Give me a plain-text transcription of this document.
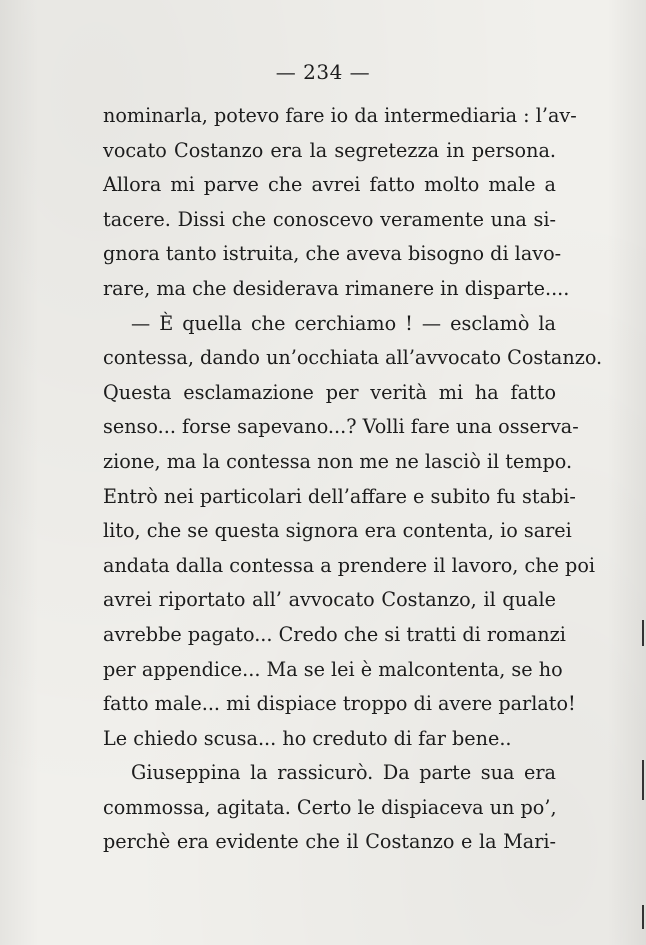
— 234 —
nominarla, potevo fare io da intermediaria : l’av-
vocato Costanzo era la segretezza in persona.
Allora mi parve che avrei fatto molto male a
tacere. Dissi che conoscevo veramente una si-
gnora tanto istruita, che aveva bisogno di lavo-
rare, ma che desiderava rimanere in disparte....
— È quella che cerchiamo ! — esclamò la
contessa, dando un’occhiata all’avvocato Costanzo.
Questa esclamazione per verità mi ha fatto
senso... forse sapevano...? Volli fare una osserva-
zione, ma la contessa non me ne lasciò il tempo.
Entrò nei particolari dell’affare e subito fu stabi-
lito, che se questa signora era contenta, io sarei
andata dalla contessa a prendere il lavoro, che poi
avrei riportato all’ avvocato Costanzo, il quale
avrebbe pagato... Credo che si tratti di romanzi
per appendice... Ma se lei è malcontenta, se ho
fatto male... mi dispiace troppo di avere parlato!
Le chiedo scusa... ho creduto di far bene..
Giuseppina la rassicurò. Da parte sua era
commossa, agitata. Certo le dispiaceva un po’,
perchè era evidente che il Costanzo e la Mari-
